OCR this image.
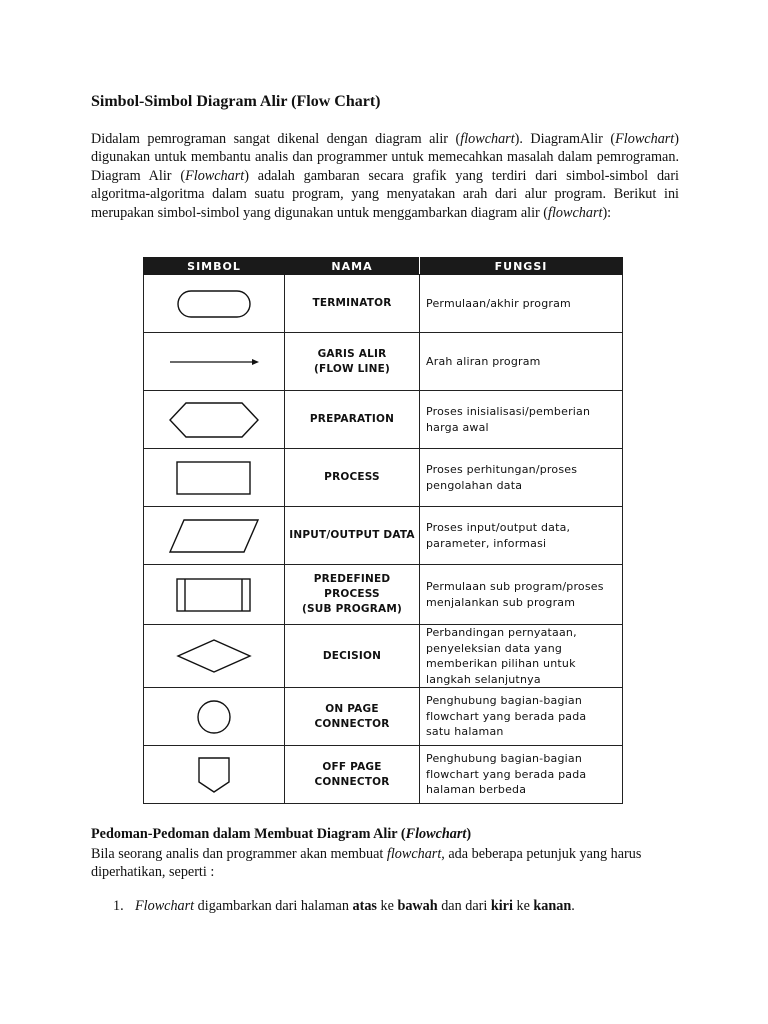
Simbol-Simbol Diagram Alir (Flow Chart)

Didalam pemrograman sangat dikenal dengan diagram alir (flowchart). DiagramAlir (Flowchart) digunakan untuk membantu analis dan programmer untuk memecahkan masalah dalam pemrograman. Diagram Alir (Flowchart) adalah gambaran secara grafik yang terdiri dari simbol-simbol dari algoritma-algoritma dalam suatu program, yang menyatakan arah dari alur program. Berikut ini merupakan simbol-simbol yang digunakan untuk menggambarkan diagram alir (flowchart):

SIMBOL	NAMA	FUNGSI

TERMINATOR	Permulaan/akhir program

GARIS ALIR
(FLOW LINE)	Arah aliran program

PREPARATION	Proses inisialisasi/pemberian
harga awal

PROCESS	Proses perhitungan/proses
pengolahan data

INPUT/OUTPUT DATA	Proses input/output data,
parameter, informasi

PREDEFINED
PROCESS
(SUB PROGRAM)	Permulaan sub program/proses
menjalankan sub program

DECISION	Perbandingan pernyataan,
penyeleksian data yang
memberikan pilihan untuk
langkah selanjutnya

ON PAGE
CONNECTOR	Penghubung bagian-bagian
flowchart yang berada pada
satu halaman

OFF PAGE
CONNECTOR	Penghubung bagian-bagian
flowchart yang berada pada
halaman berbeda
Pedoman-Pedoman dalam Membuat Diagram Alir (Flowchart)

Bila seorang analis dan programmer akan membuat flowchart, ada beberapa petunjuk yang harus diperhatikan, seperti :

1. Flowchart digambarkan dari halaman atas ke bawah dan dari kiri ke kanan.
